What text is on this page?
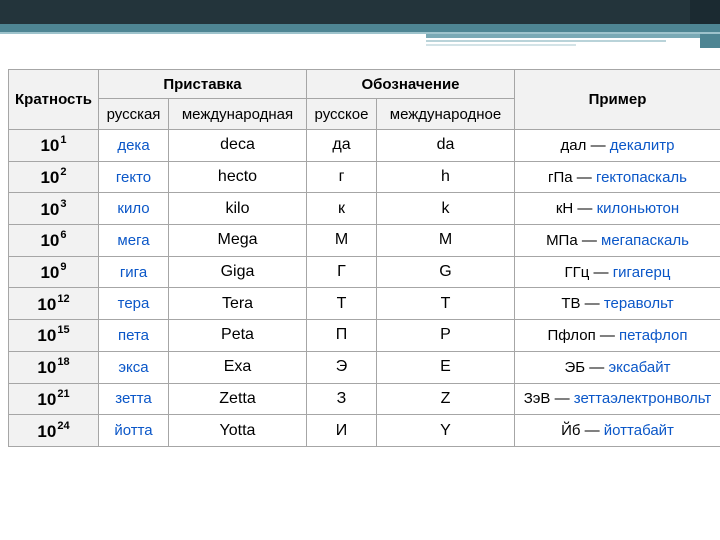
Кратность	Приставка		Обозначение		Пример
	русская	международная	русское	международное	
$10^1$	дека	deca	да	da	дал — декалитр
$10^2$	гекто	hecto	г	h	гПа — гектопаскаль
$10^3$	кило	kilo	к	k	кН — килоньютон
$10^6$	мега	Mega	М	M	МПа — мегапаскаль
$10^9$	гига	Giga	Г	G	ГГц — гигагерц
$10^{12}$	тера	Tera	Т	T	ТВ — теравольт
$10^{15}$	пета	Peta	П	P	Пфлоп — петафлоп
$10^{18}$	экса	Exa	Э	E	ЭБ — эксабайт
$10^{21}$	зетта	Zetta	З	Z	ЗэВ — зеттаэлектронвольт
$10^{24}$	йотта	Yotta	И	Y	Йб — йоттабайт
